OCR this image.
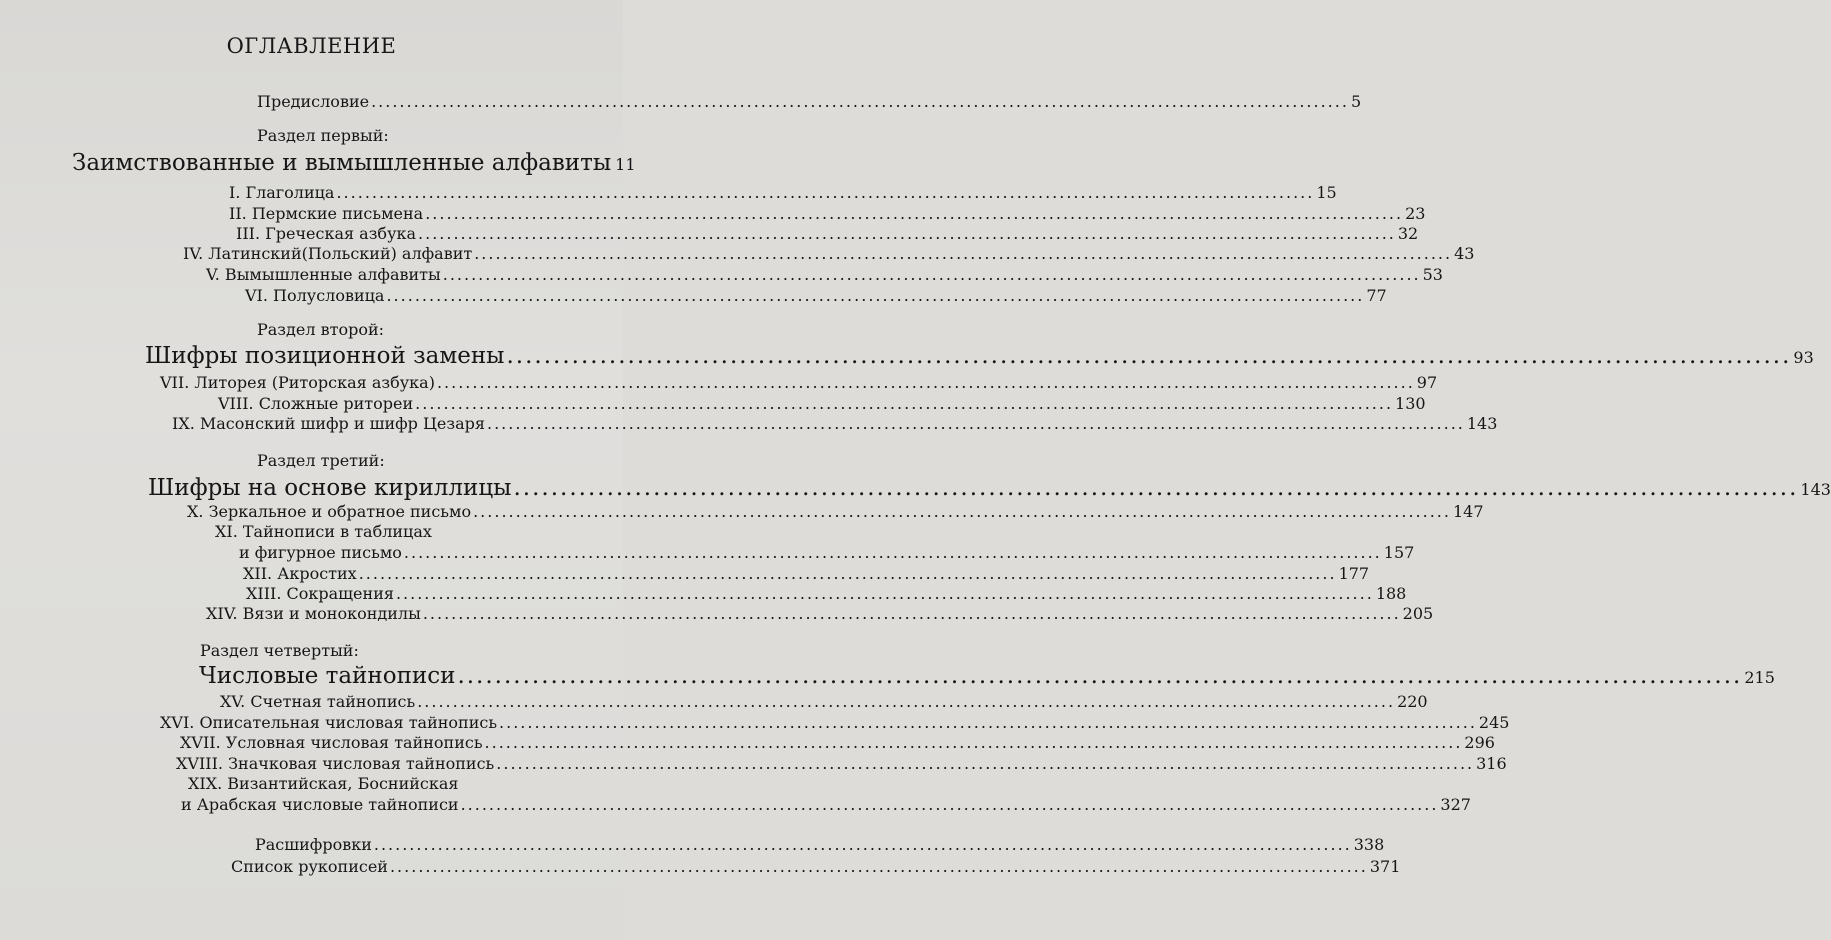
ОГЛАВЛЕНИЕ
Предисловие .....	5
Раздел первый:
Заимствованные и вымышленные алфавиты 11
I. Глаголица .....	15
II. Пермские письмена .....	23
III. Греческая азбука .....	32
IV. Латинский(Польский) алфавит .....	43
V. Вымышленные алфавиты .....	53
VI. Полусловица .....	77
Раздел второй:
Шифры позиционной замены .....	93
VII. Литорея (Риторская азбука) .....	97
VIII. Сложные ритореи .....	130
IX. Масонский шифр и шифр Цезаря .....	143
Раздел третий:
Шифры на основе кириллицы .....	143
X. Зеркальное и обратное письмо .....	147
XI. Тайнописи в таблицах
и фигурное письмо .....	157
XII. Акростих .....	177
XIII. Сокращения .....	188
XIV. Вязи и монокондилы .....	205
Раздел четвертый:
Числовые тайнописи .....	215
XV. Счетная тайнопись .....	220
XVI. Описательная числовая тайнопись .....	245
XVII. Условная числовая тайнопись .....	296
XVIII. Значковая числовая тайнопись .....	316
XIX. Византийская, Боснийская
и Арабская числовые тайнописи .....	327
Расшифровки .....	338
Список рукописей .....	371
